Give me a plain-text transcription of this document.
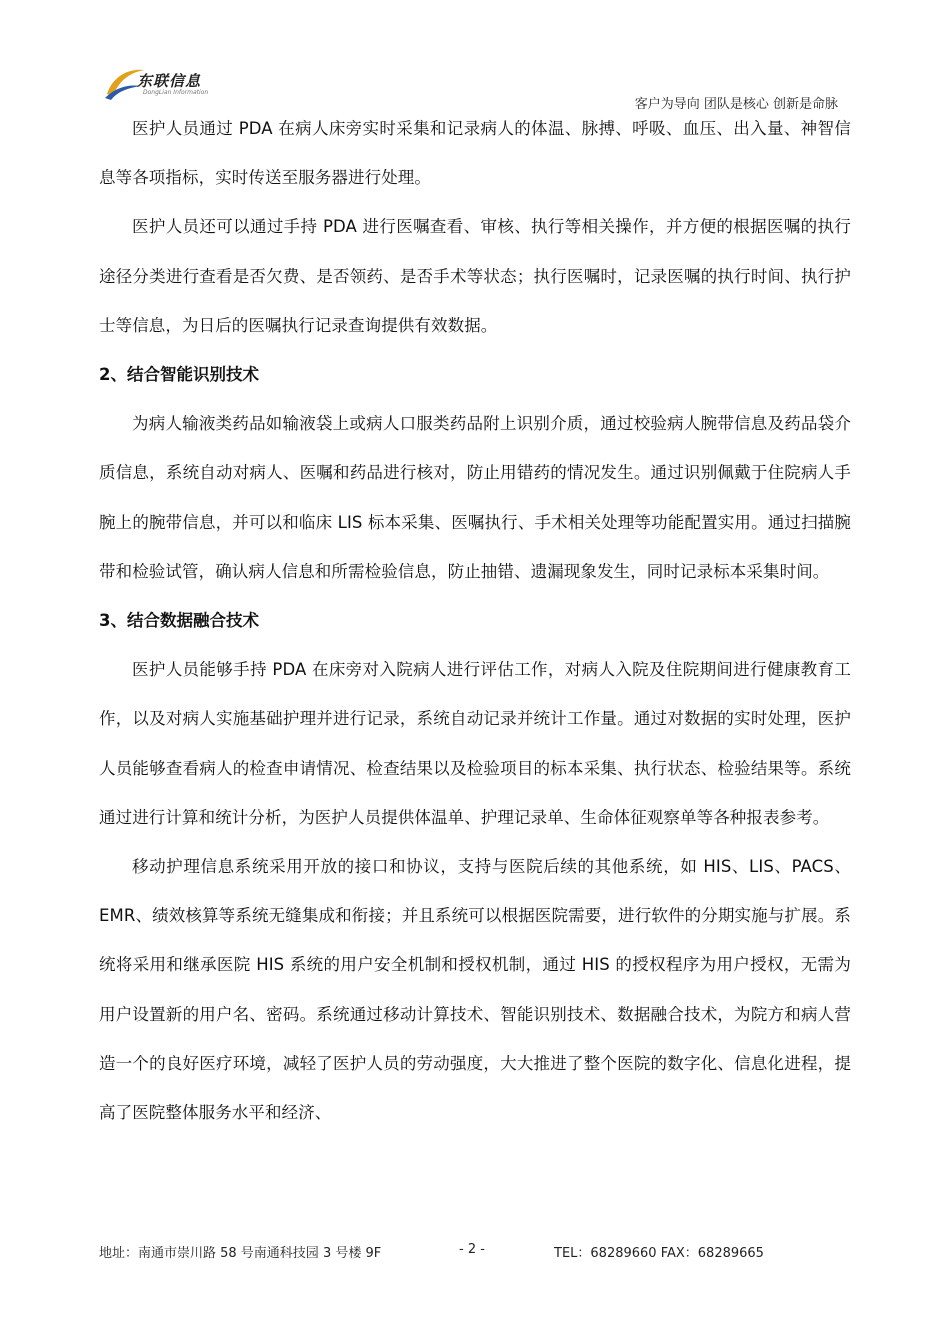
东联信息
DongLian Information
客户为导向 团队是核心 创新是命脉

医护人员通过 PDA 在病人床旁实时采集和记录病人的体温、脉搏、呼吸、血压、出入量、神智信息等各项指标，实时传送至服务器进行处理。

医护人员还可以通过手持 PDA 进行医嘱查看、审核、执行等相关操作，并方便的根据医嘱的执行途径分类进行查看是否欠费、是否领药、是否手术等状态；执行医嘱时，记录医嘱的执行时间、执行护士等信息，为日后的医嘱执行记录查询提供有效数据。

2、结合智能识别技术

为病人输液类药品如输液袋上或病人口服类药品附上识别介质，通过校验病人腕带信息及药品袋介质信息，系统自动对病人、医嘱和药品进行核对，防止用错药的情况发生。通过识别佩戴于住院病人手腕上的腕带信息，并可以和临床 LIS 标本采集、医嘱执行、手术相关处理等功能配置实用。通过扫描腕带和检验试管，确认病人信息和所需检验信息，防止抽错、遗漏现象发生，同时记录标本采集时间。

3、结合数据融合技术

医护人员能够手持 PDA 在床旁对入院病人进行评估工作，对病人入院及住院期间进行健康教育工作，以及对病人实施基础护理并进行记录，系统自动记录并统计工作量。通过对数据的实时处理，医护人员能够查看病人的检查申请情况、检查结果以及检验项目的标本采集、执行状态、检验结果等。系统通过进行计算和统计分析，为医护人员提供体温单、护理记录单、生命体征观察单等各种报表参考。

移动护理信息系统采用开放的接口和协议，支持与医院后续的其他系统，如 HIS、LIS、PACS、EMR、绩效核算等系统无缝集成和衔接；并且系统可以根据医院需要，进行软件的分期实施与扩展。系统将采用和继承医院 HIS 系统的用户安全机制和授权机制，通过 HIS 的授权程序为用户授权，无需为用户设置新的用户名、密码。系统通过移动计算技术、智能识别技术、数据融合技术，为院方和病人营造一个的良好医疗环境，减轻了医护人员的劳动强度，大大推进了整个医院的数字化、信息化进程，提高了医院整体服务水平和经济、

地址：南通市崇川路 58 号南通科技园 3 号楼 9F	- 2 -	TEL：68289660 FAX：68289665
